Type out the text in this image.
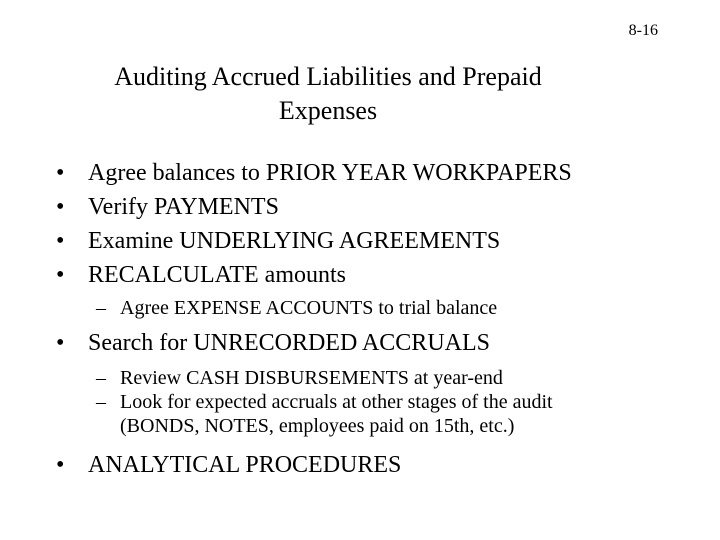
8-16
Auditing Accrued Liabilities and Prepaid
Expenses
• Agree balances to PRIOR YEAR WORKPAPERS
• Verify PAYMENTS
• Examine UNDERLYING AGREEMENTS
• RECALCULATE amounts
– Agree EXPENSE ACCOUNTS to trial balance
• Search for UNRECORDED ACCRUALS
– Review CASH DISBURSEMENTS at year-end
– Look for expected accruals at other stages of the audit
(BONDS, NOTES, employees paid on 15th, etc.)
• ANALYTICAL PROCEDURES
